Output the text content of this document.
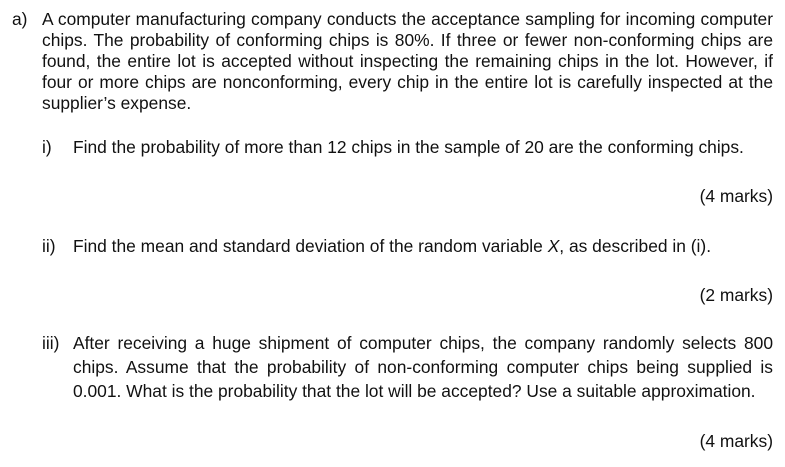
a) A computer manufacturing company conducts the acceptance sampling for incoming computer chips. The probability of conforming chips is 80%. If three or fewer non-conforming chips are found, the entire lot is accepted without inspecting the remaining chips in the lot. However, if four or more chips are nonconforming, every chip in the entire lot is carefully inspected at the supplier’s expense.
i) Find the probability of more than 12 chips in the sample of 20 are the conforming chips.
(4 marks)
ii) Find the mean and standard deviation of the random variable X, as described in (i).
(2 marks)
iii) After receiving a huge shipment of computer chips, the company randomly selects 800 chips. Assume that the probability of non-conforming computer chips being supplied is 0.001. What is the probability that the lot will be accepted? Use a suitable approximation.
(4 marks)
